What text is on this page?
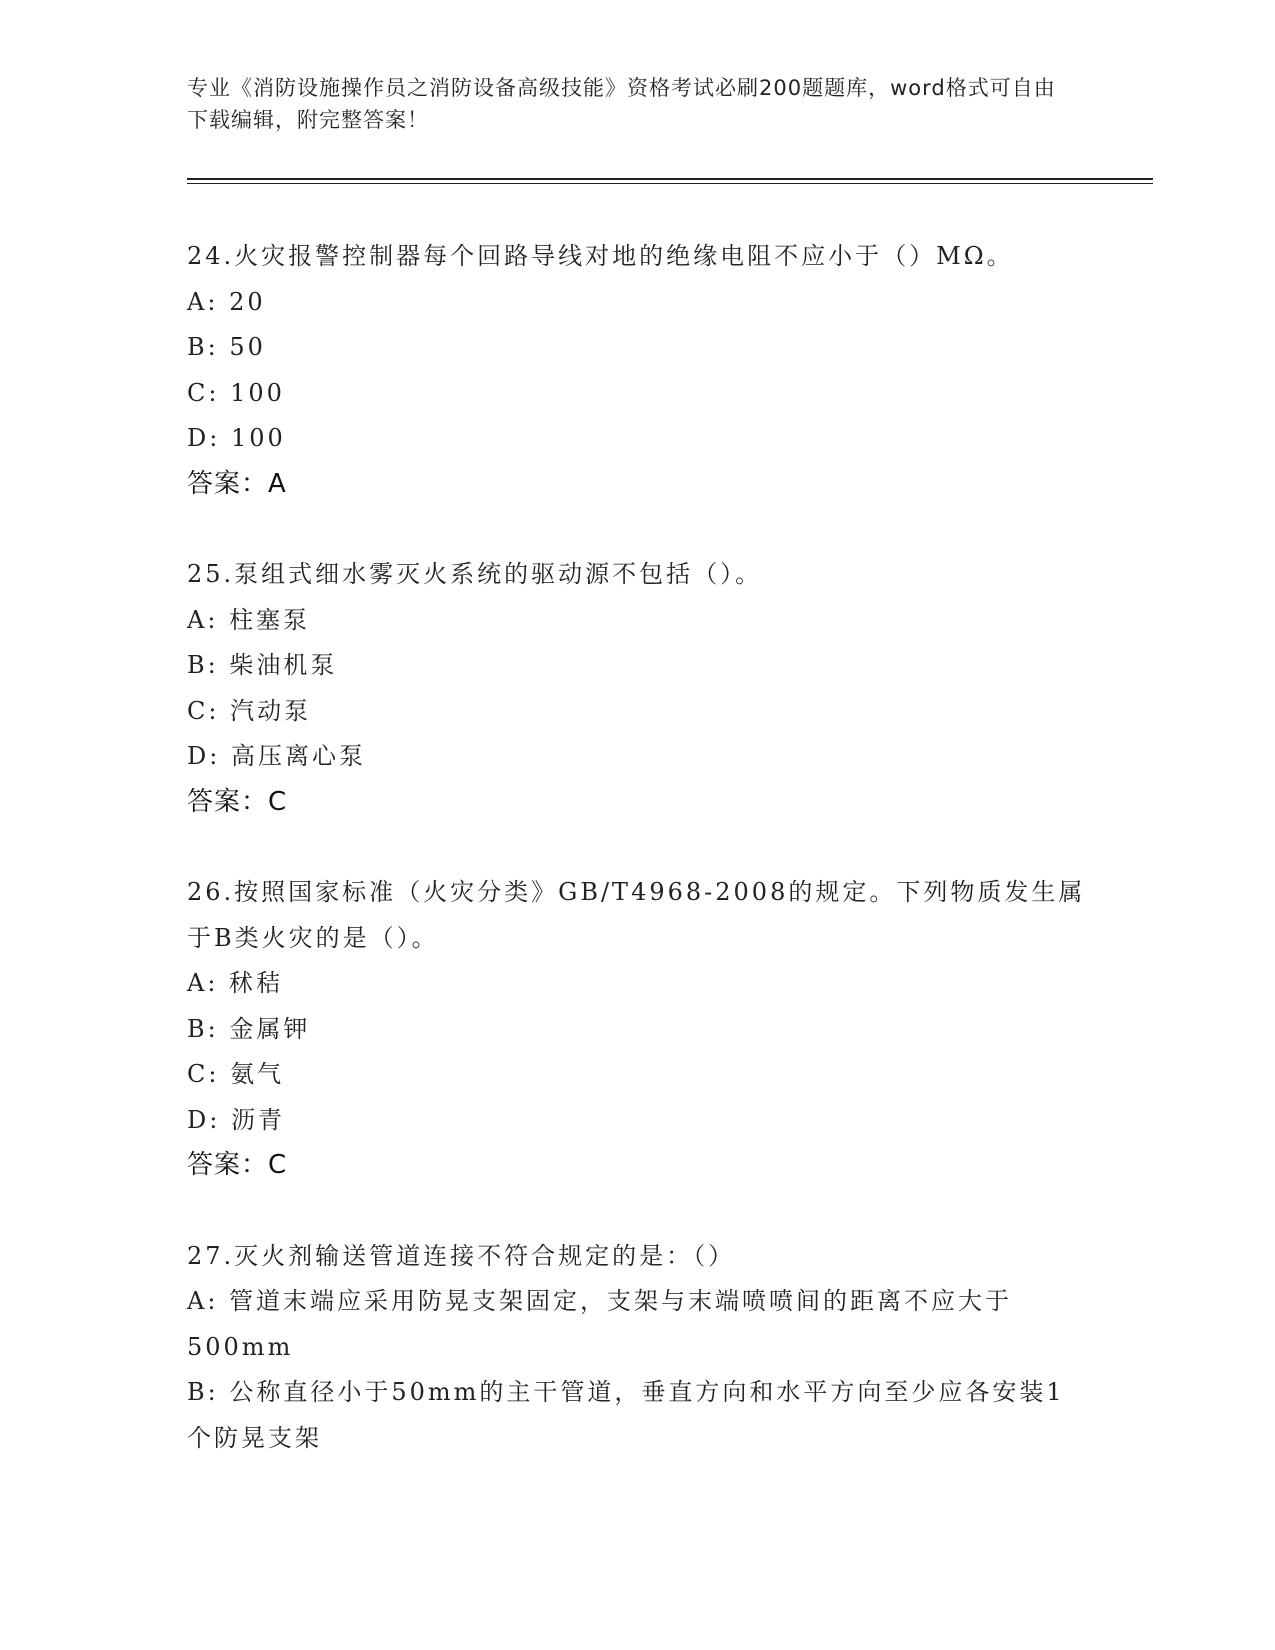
专业《消防设施操作员之消防设备高级技能》资格考试必刷200题题库，word格式可自由下载编辑，附完整答案！
24.火灾报警控制器每个回路导线对地的绝缘电阻不应小于（）MΩ。
A: 20
B: 50
C: 100
D: 100
答案：A
25.泵组式细水雾灭火系统的驱动源不包括（）。
A: 柱塞泵
B: 柴油机泵
C: 汽动泵
D: 高压离心泵
答案：C
26.按照国家标准（火灾分类》GB/T4968-2008的规定。下列物质发生属于B类火灾的是（）。
A: 秫秸
B: 金属钾
C: 氨气
D: 沥青
答案：C
27.灭火剂输送管道连接不符合规定的是：（）
A: 管道末端应采用防晃支架固定，支架与末端喷喷间的距离不应大于500mm
B: 公称直径小于50mm的主干管道，垂直方向和水平方向至少应各安装1个防晃支架
